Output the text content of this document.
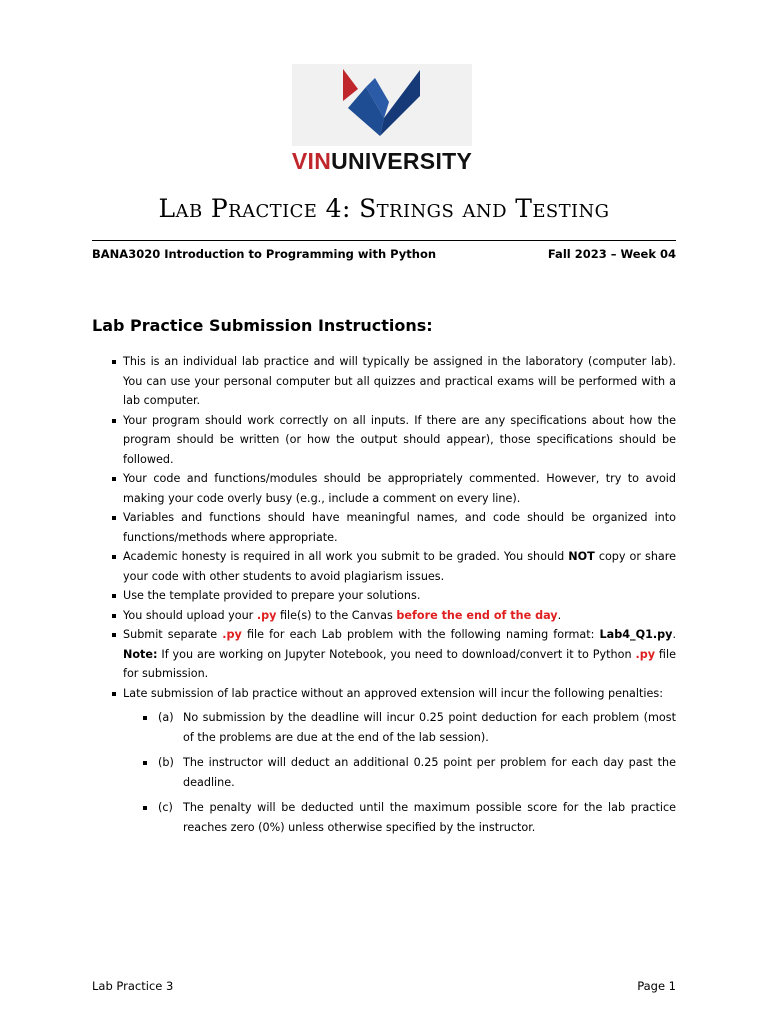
VINUNIVERSITY
Lab Practice 4: Strings and Testing
BANA3020 Introduction to Programming with Python	Fall 2023 – Week 04
Lab Practice Submission Instructions:
This is an individual lab practice and will typically be assigned in the laboratory (computer lab). You can use your personal computer but all quizzes and practical exams will be performed with a lab computer.
Your program should work correctly on all inputs. If there are any specifications about how the program should be written (or how the output should appear), those specifications should be followed.
Your code and functions/modules should be appropriately commented. However, try to avoid making your code overly busy (e.g., include a comment on every line).
Variables and functions should have meaningful names, and code should be organized into functions/methods where appropriate.
Academic honesty is required in all work you submit to be graded. You should NOT copy or share your code with other students to avoid plagiarism issues.
Use the template provided to prepare your solutions.
You should upload your .py file(s) to the Canvas before the end of the day.
Submit separate .py file for each Lab problem with the following naming format: Lab4_Q1.py. Note: If you are working on Jupyter Notebook, you need to download/convert it to Python .py file for submission.
Late submission of lab practice without an approved extension will incur the following penalties:
(a) No submission by the deadline will incur 0.25 point deduction for each problem (most of the problems are due at the end of the lab session).
(b) The instructor will deduct an additional 0.25 point per problem for each day past the deadline.
(c) The penalty will be deducted until the maximum possible score for the lab practice reaches zero (0%) unless otherwise specified by the instructor.
Lab Practice 3	Page 1
